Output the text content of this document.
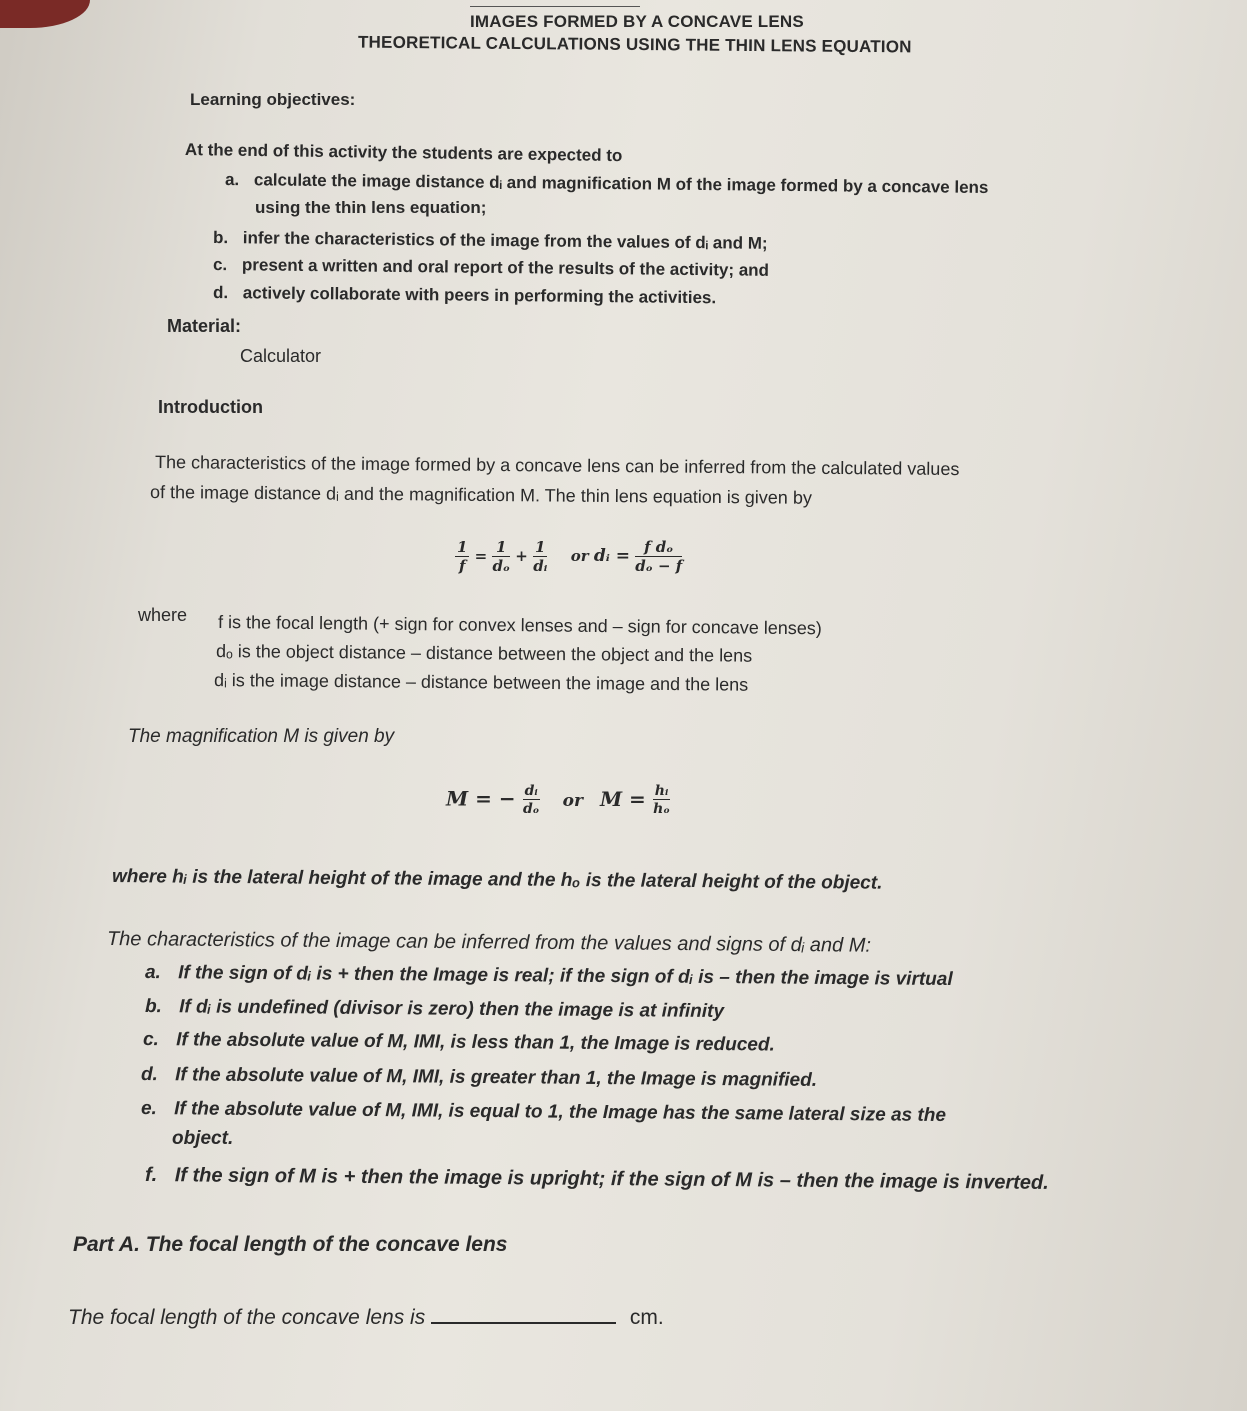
IMAGES FORMED BY A CONCAVE LENS
THEORETICAL CALCULATIONS USING THE THIN LENS EQUATION
Learning objectives:
At the end of this activity the students are expected to
a. calculate the image distance dᵢ and magnification M of the image formed by a concave lens
using the thin lens equation;
b. infer the characteristics of the image from the values of dᵢ and M;
c. present a written and oral report of the results of the activity; and
d. actively collaborate with peers in performing the activities.
Material:
Calculator
Introduction
The characteristics of the image formed by a concave lens can be inferred from the calculated values
of the image distance dᵢ and the magnification M. The thin lens equation is given by
$\frac{1}{f} = \frac{1}{\text{dₒ}} + \frac{1}{\text{dᵢ}}$ or dᵢ = $\frac{\text{f dₒ}}{\text{dₒ − f}}$
where f is the focal length (+ sign for convex lenses and – sign for concave lenses)
dₒ is the object distance – distance between the object and the lens
dᵢ is the image distance – distance between the image and the lens
The magnification M is given by
M = − $\frac{\text{dᵢ}}{\text{dₒ}}$ or $M = \frac{\text{hᵢ}}{\text{hₒ}}$
where hᵢ is the lateral height of the image and the hₒ is the lateral height of the object.
The characteristics of the image can be inferred from the values and signs of dᵢ and M:
a. If the sign of dᵢ is + then the Image is real; if the sign of dᵢ is – then the image is virtual
b. If dᵢ is undefined (divisor is zero) then the image is at infinity
c. If the absolute value of M, IMI, is less than 1, the Image is reduced.
d. If the absolute value of M, IMI, is greater than 1, the Image is magnified.
e. If the absolute value of M, IMI, is equal to 1, the Image has the same lateral size as the
object.
f. If the sign of M is + then the image is upright; if the sign of M is – then the image is inverted.
Part A. The focal length of the concave lens
The focal length of the concave lens is	cm.
